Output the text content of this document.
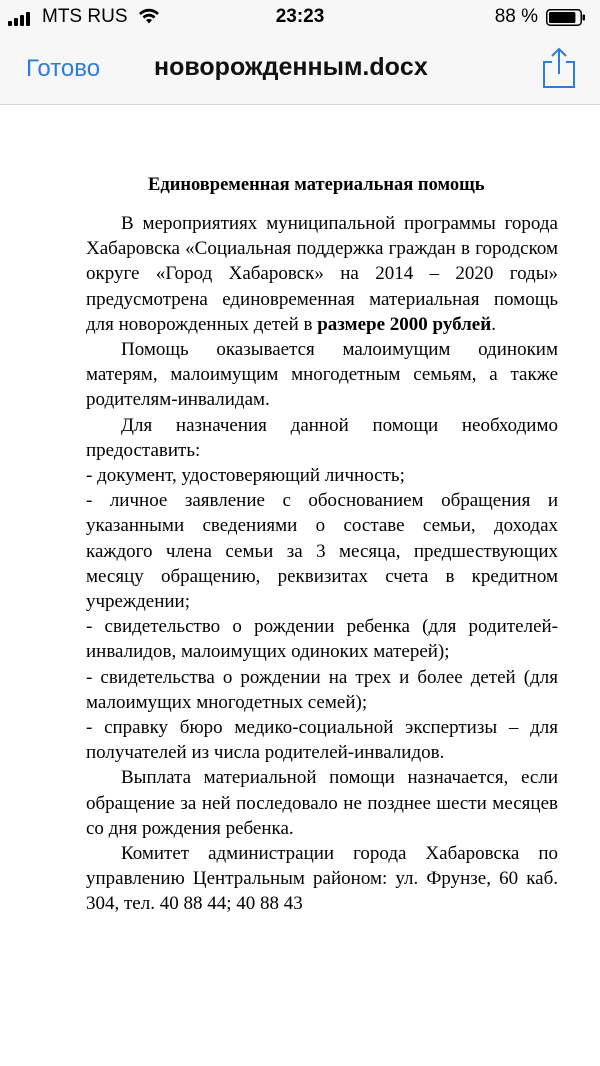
MTS RUS	23:23	88 %
Готово новорожденным.docx
Единовременная материальная помощь

В мероприятиях муниципальной программы города Хабаровска «Социальная поддержка граждан в городском округе «Город Хабаровск» на 2014 – 2020 годы» предусмотрена единовременная материальная помощь для новорожденных детей в размере 2000 рублей.

Помощь оказывается малоимущим одиноким матерям, малоимущим многодетным семьям, а также родителям-инвалидам.

Для назначения данной помощи необходимо предоставить:

- документ, удостоверяющий личность;

- личное заявление с обоснованием обращения и указанными сведениями о составе семьи, доходах каждого члена семьи за 3 месяца, предшествующих месяцу обращению, реквизитах счета в кредитном учреждении;

- свидетельство о рождении ребенка (для родителей-инвалидов, малоимущих одиноких матерей);

- свидетельства о рождении на трех и более детей (для малоимущих многодетных семей);

- справку бюро медико-социальной экспертизы – для получателей из числа родителей-инвалидов.

Выплата материальной помощи назначается, если обращение за ней последовало не позднее шести месяцев со дня рождения ребенка.

Комитет администрации города Хабаровска по управлению Центральным районом: ул. Фрунзе, 60 каб. 304, тел. 40 88 44; 40 88 43
